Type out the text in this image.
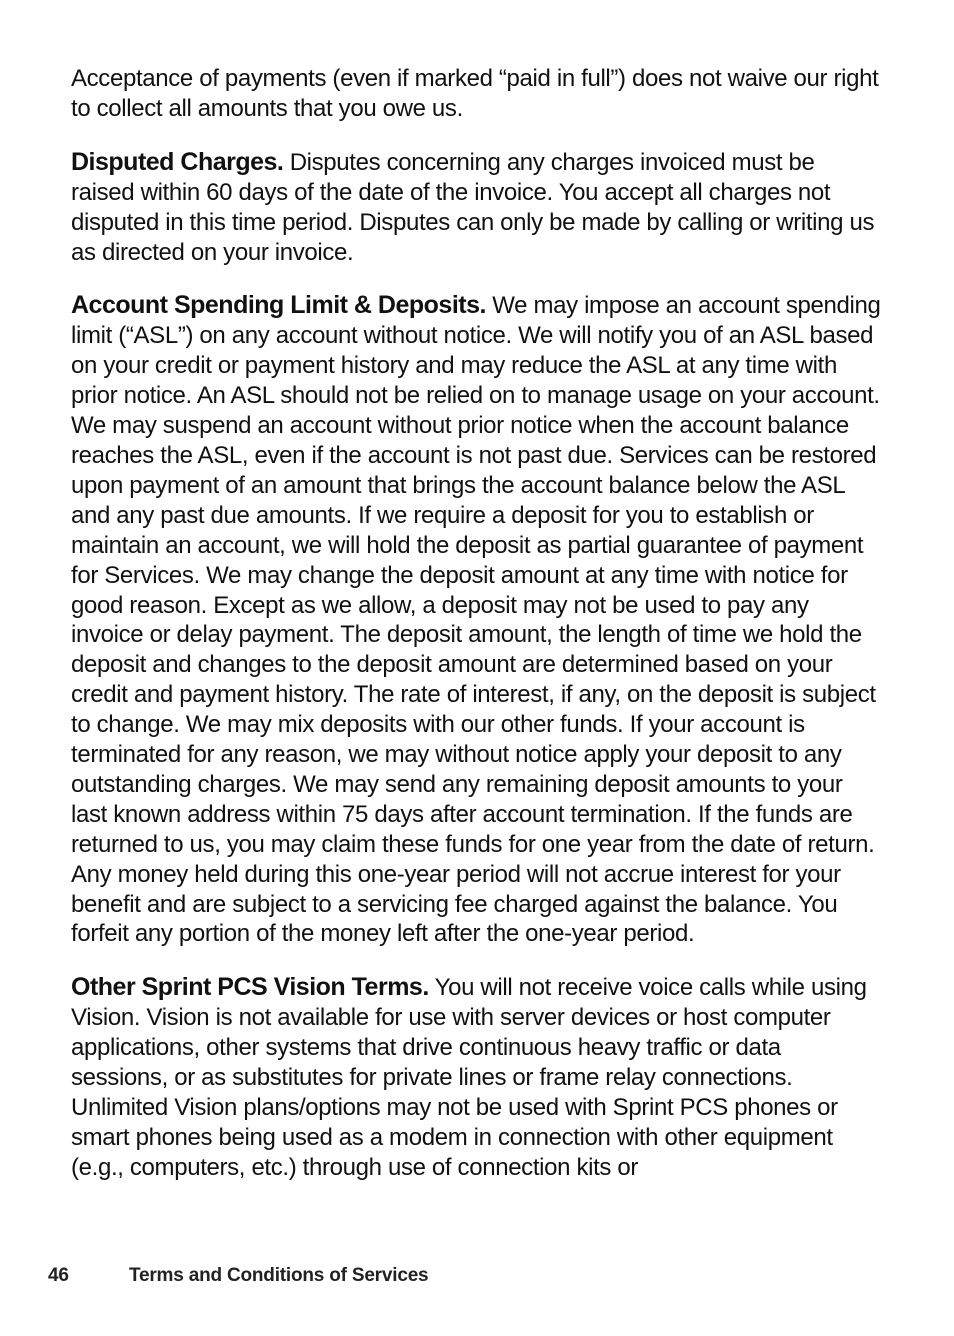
Acceptance of payments (even if marked “paid in full”) does not waive our right to collect all amounts that you owe us.

Disputed Charges. Disputes concerning any charges invoiced must be raised within 60 days of the date of the invoice. You accept all charges not disputed in this time period. Disputes can only be made by calling or writing us as directed on your invoice.

Account Spending Limit & Deposits. We may impose an account spending limit (“ASL”) on any account without notice. We will notify you of an ASL based on your credit or payment history and may reduce the ASL at any time with prior notice. An ASL should not be relied on to manage usage on your account. We may suspend an account without prior notice when the account balance reaches the ASL, even if the account is not past due. Services can be restored upon payment of an amount that brings the account balance below the ASL and any past due amounts. If we require a deposit for you to establish or maintain an account, we will hold the deposit as partial guarantee of payment for Services. We may change the deposit amount at any time with notice for good reason. Except as we allow, a deposit may not be used to pay any invoice or delay payment. The deposit amount, the length of time we hold the deposit and changes to the deposit amount are determined based on your credit and payment history. The rate of interest, if any, on the deposit is subject to change. We may mix deposits with our other funds. If your account is terminated for any reason, we may without notice apply your deposit to any outstanding charges. We may send any remaining deposit amounts to your last known address within 75 days after account termination. If the funds are returned to us, you may claim these funds for one year from the date of return. Any money held during this one-year period will not accrue interest for your benefit and are subject to a servicing fee charged against the balance. You forfeit any portion of the money left after the one-year period.

Other Sprint PCS Vision Terms. You will not receive voice calls while using Vision. Vision is not available for use with server devices or host computer applications, other systems that drive continuous heavy traffic or data sessions, or as substitutes for private lines or frame relay connections. Unlimited Vision plans/options may not be used with Sprint PCS phones or smart phones being used as a modem in connection with other equipment (e.g., computers, etc.) through use of connection kits or

46	Terms and Conditions of Services
